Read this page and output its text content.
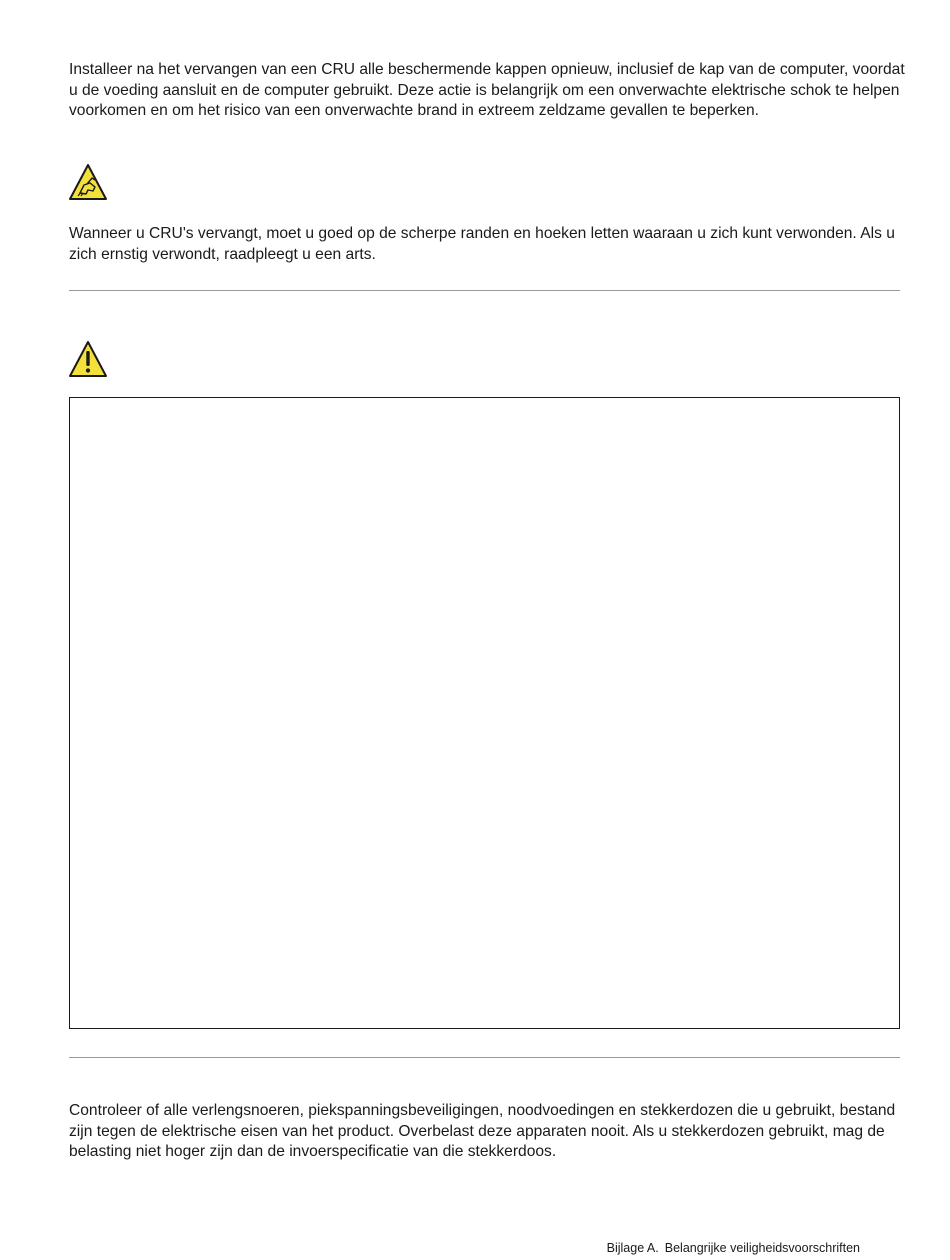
Installeer na het vervangen van een CRU alle beschermende kappen opnieuw, inclusief de kap van de computer, voordat u de voeding aansluit en de computer gebruikt. Deze actie is belangrijk om een onverwachte elektrische schok te helpen voorkomen en om het risico van een onverwachte brand in extreem zeldzame gevallen te beperken.

Wanneer u CRU's vervangt, moet u goed op de scherpe randen en hoeken letten waaraan u zich kunt verwonden. Als u zich ernstig verwondt, raadpleegt u een arts.

Controleer of alle verlengsnoeren, piekspanningsbeveiligingen, noodvoedingen en stekkerdozen die u gebruikt, bestand zijn tegen de elektrische eisen van het product. Overbelast deze apparaten nooit. Als u stekkerdozen gebruikt, mag de belasting niet hoger zijn dan de invoerspecificatie van die stekkerdoos.

Bijlage A. Belangrijke veiligheidsvoorschriften
